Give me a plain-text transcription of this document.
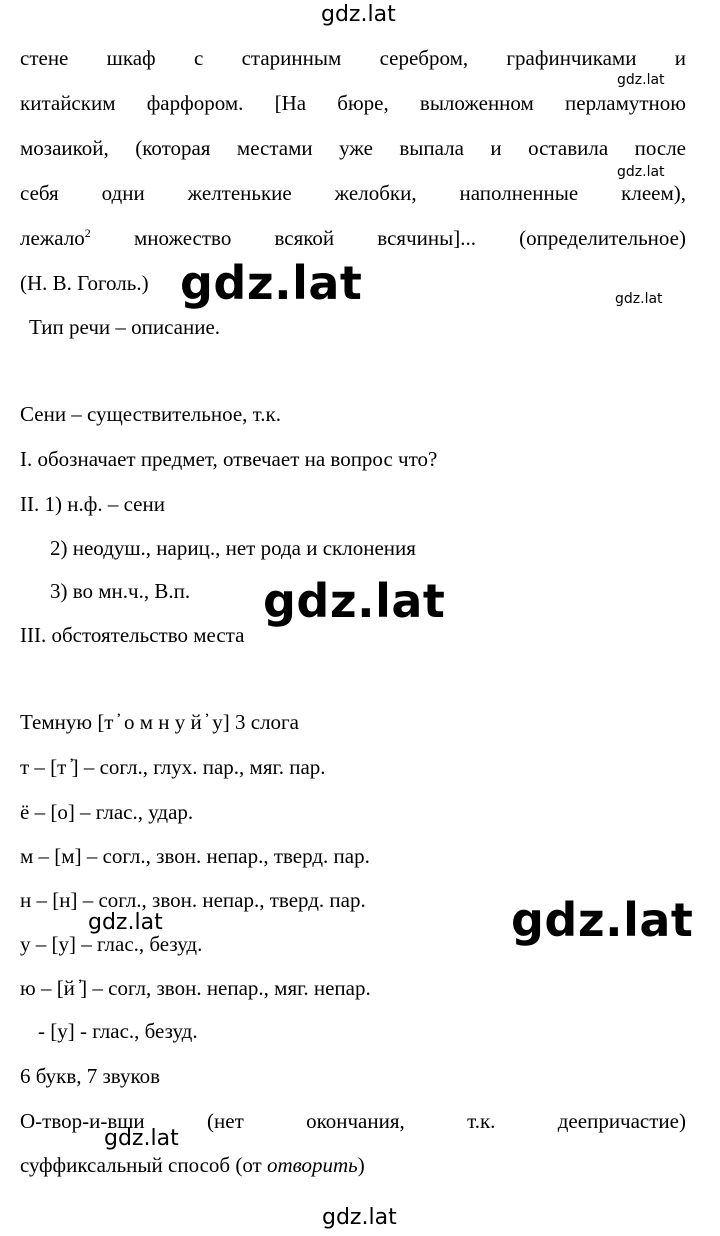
gdz.lat
gdz.lat
gdz.lat
gdz.lat
gdz.lat
gdz.lat
gdz.lat
gdz.lat
gdz.lat
gdz.lat
стене шкаф с старинным серебром, графинчиками и
китайским фарфором. [На бюре, выложенном перламутною
мозаикой, (которая местами уже выпала и оставила после
себя одни желтенькие желобки, наполненные клеем),
лежало$^2$ множество всякой всячины]... (определительное)
(Н. В. Гоголь.)
Тип речи – описание.
Сени – существительное, т.к.
I. обозначает предмет, отвечает на вопрос что?
II. 1) н.ф. – сени
2) неодуш., нариц., нет рода и склонения
3) во мн.ч., В.п.
III. обстоятельство места
Темную [т ̓ о м н у й ̓ у] 3 слога
т – [т ̓] – согл., глух. пар., мяг. пар.
ё – [о] – глас., удар.
м – [м] – согл., звон. непар., тверд. пар.
н – [н] – согл., звон. непар., тверд. пар.
у – [у] – глас., безуд.
ю – [й ̓] – согл, звон. непар., мяг. непар.
- [у] - глас., безуд.
6 букв, 7 звуков
О-твор-и-вши (нет окончания, т.к. деепричастие)
суффиксальный способ (от отворить)
